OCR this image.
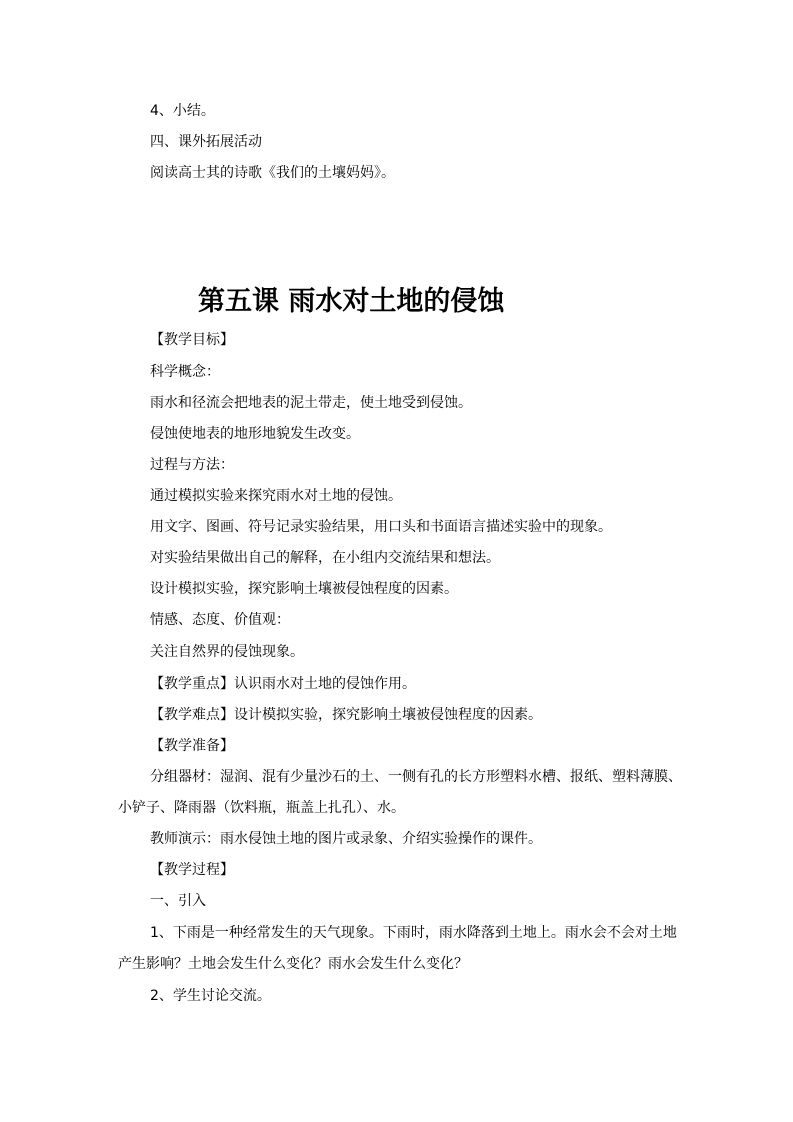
4、小结。
四、课外拓展活动
阅读高士其的诗歌《我们的土壤妈妈》。
第五课 雨水对土地的侵蚀
【教学目标】
科学概念：
雨水和径流会把地表的泥土带走，使土地受到侵蚀。
侵蚀使地表的地形地貌发生改变。
过程与方法：
通过模拟实验来探究雨水对土地的侵蚀。
用文字、图画、符号记录实验结果，用口头和书面语言描述实验中的现象。
对实验结果做出自己的解释，在小组内交流结果和想法。
设计模拟实验，探究影响土壤被侵蚀程度的因素。
情感、态度、价值观：
关注自然界的侵蚀现象。
【教学重点】认识雨水对土地的侵蚀作用。
【教学难点】设计模拟实验，探究影响土壤被侵蚀程度的因素。
【教学准备】
分组器材：湿润、混有少量沙石的土、一侧有孔的长方形塑料水槽、报纸、塑料薄膜、
小铲子、降雨器（饮料瓶，瓶盖上扎孔）、水。
教师演示：雨水侵蚀土地的图片或录象、介绍实验操作的课件。
【教学过程】
一、引入
1、下雨是一种经常发生的天气现象。下雨时，雨水降落到土地上。雨水会不会对土地
产生影响？土地会发生什么变化？雨水会发生什么变化？
2、学生讨论交流。
